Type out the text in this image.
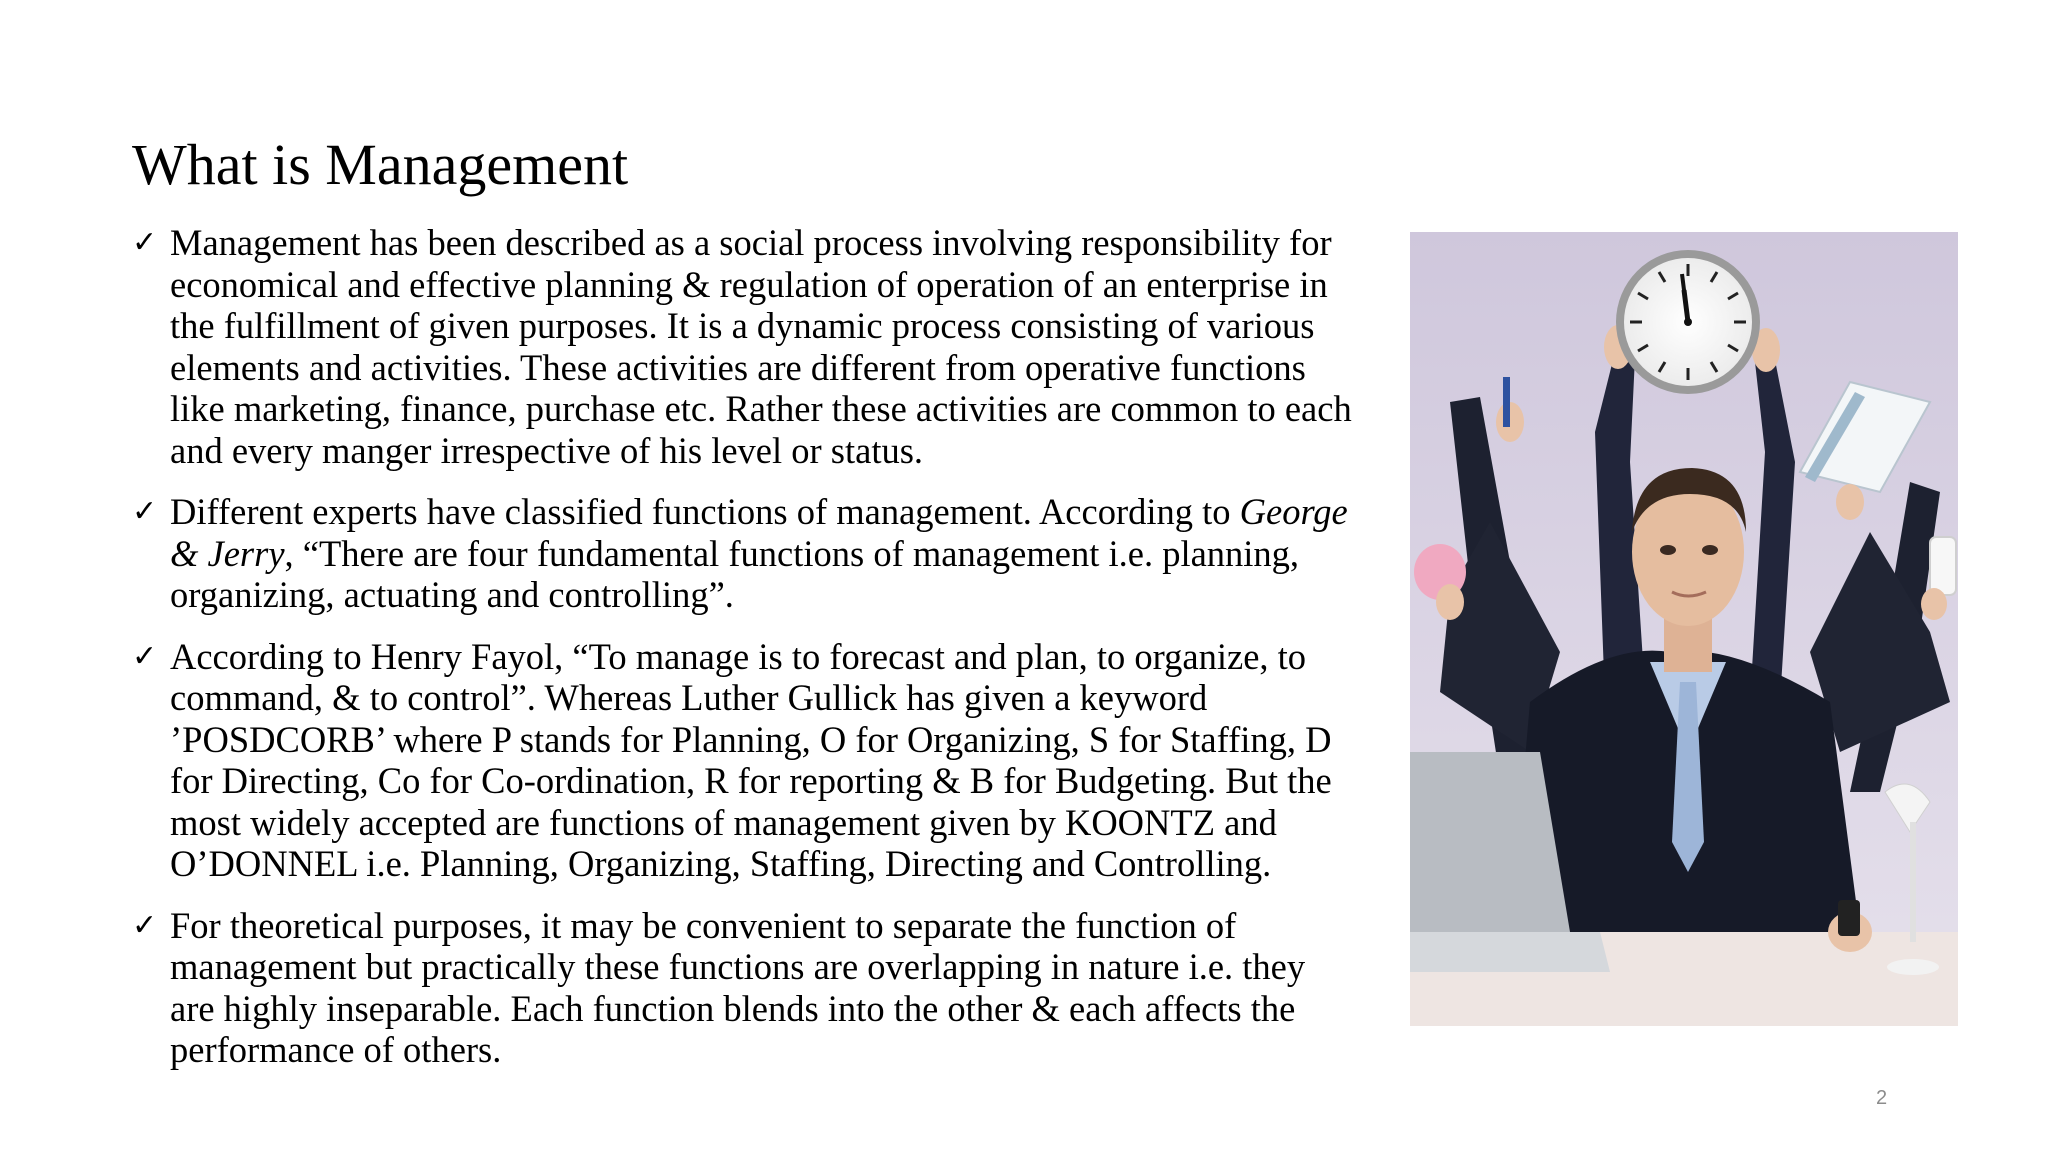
What is Management
✓ Management has been described as a social process involving responsibility for
economical and effective planning & regulation of operation of an enterprise in
the fulfillment of given purposes. It is a dynamic process consisting of various
elements and activities. These activities are different from operative functions
like marketing, finance, purchase etc. Rather these activities are common to each
and every manger irrespective of his level or status.
✓ Different experts have classified functions of management. According to George
& Jerry, “There are four fundamental functions of management i.e. planning,
organizing, actuating and controlling”.
✓ According to Henry Fayol, “To manage is to forecast and plan, to organize, to
command, & to control”. Whereas Luther Gullick has given a keyword
’POSDCORB’ where P stands for Planning, O for Organizing, S for Staffing, D
for Directing, Co for Co-ordination, R for reporting & B for Budgeting. But the
most widely accepted are functions of management given by KOONTZ and
O’DONNEL i.e. Planning, Organizing, Staffing, Directing and Controlling.
✓ For theoretical purposes, it may be convenient to separate the function of
management but practically these functions are overlapping in nature i.e. they
are highly inseparable. Each function blends into the other & each affects the
performance of others.
2
